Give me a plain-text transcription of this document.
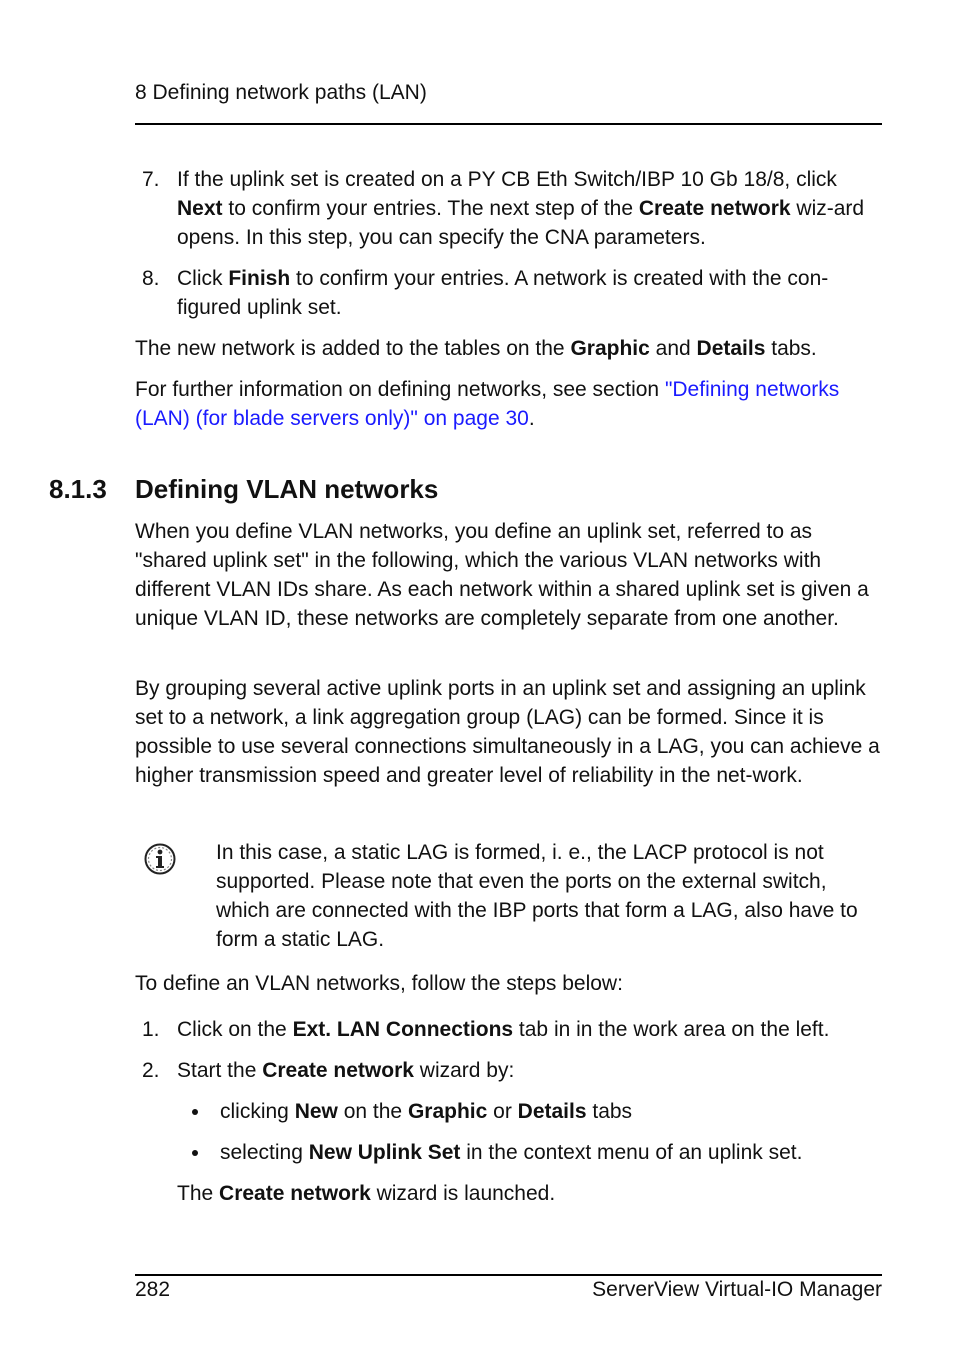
8 Defining network paths (LAN)
7. If the uplink set is created on a PY CB Eth Switch/IBP 10 Gb 18/8, click Next to confirm your entries. The next step of the Create network wiz-ard opens. In this step, you can specify the CNA parameters.
8. Click Finish to confirm your entries. A network is created with the con-figured uplink set.
The new network is added to the tables on the Graphic and Details tabs.
For further information on defining networks, see section "Defining networks (LAN) (for blade servers only)" on page 30.
8.1.3 Defining VLAN networks
When you define VLAN networks, you define an uplink set, referred to as "shared uplink set" in the following, which the various VLAN networks with different VLAN IDs share. As each network within a shared uplink set is given a unique VLAN ID, these networks are completely separate from one another.
By grouping several active uplink ports in an uplink set and assigning an uplink set to a network, a link aggregation group (LAG) can be formed. Since it is possible to use several connections simultaneously in a LAG, you can achieve a higher transmission speed and greater level of reliability in the net-work.
In this case, a static LAG is formed, i. e., the LACP protocol is not supported. Please note that even the ports on the external switch, which are connected with the IBP ports that form a LAG, also have to form a static LAG.
To define an VLAN networks, follow the steps below:
1. Click on the Ext. LAN Connections tab in in the work area on the left.
2. Start the Create network wizard by:
clicking New on the Graphic or Details tabs
selecting New Uplink Set in the context menu of an uplink set.
The Create network wizard is launched.
282	ServerView Virtual-IO Manager
